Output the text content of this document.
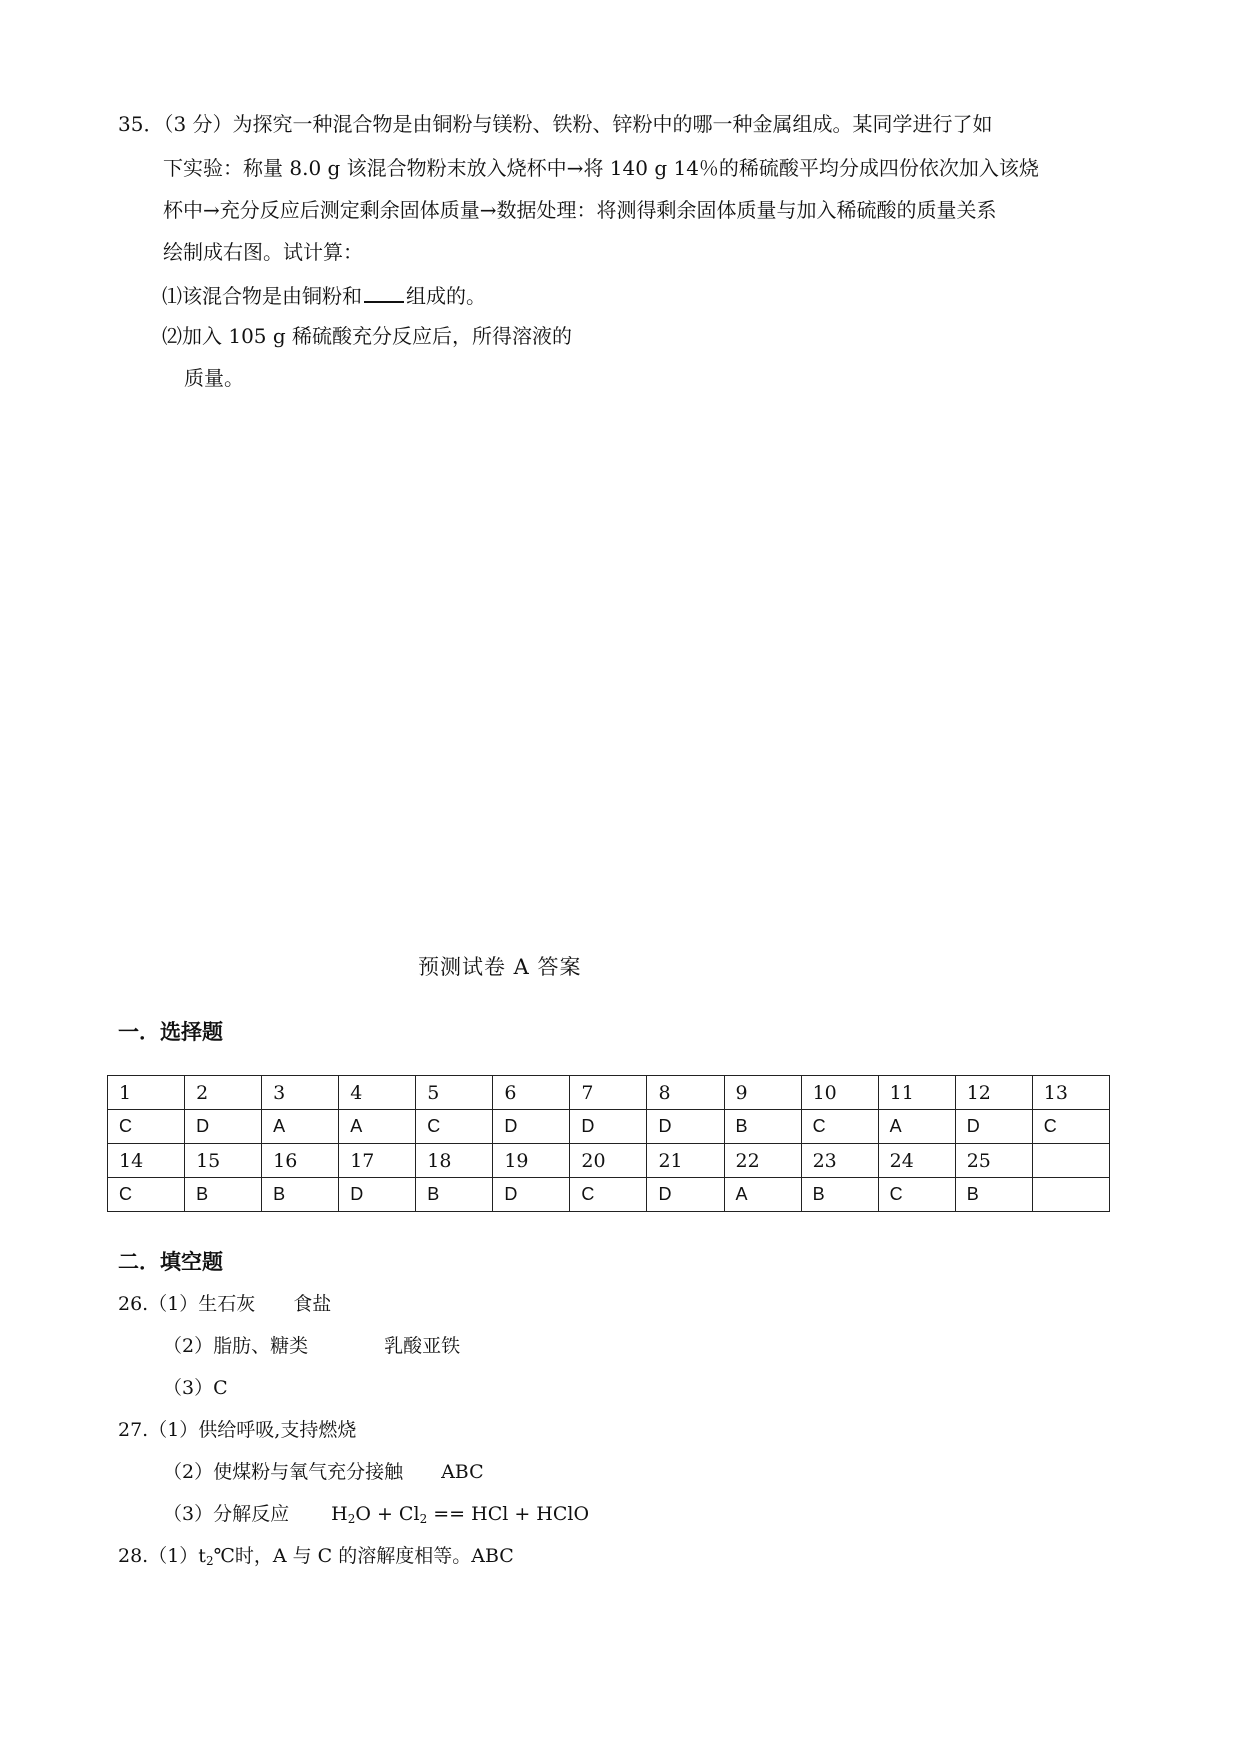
35．（3 分）为探究一种混合物是由铜粉与镁粉、铁粉、锌粉中的哪一种金属组成。某同学进行了如
下实验：称量 8.0 g 该混合物粉末放入烧杯中→将 140 g 14％的稀硫酸平均分成四份依次加入该烧
杯中→充分反应后测定剩余固体质量→数据处理：将测得剩余固体质量与加入稀硫酸的质量关系
绘制成右图。试计算：
⑴该混合物是由铜粉和 组成的。
⑵加入 105 g 稀硫酸充分反应后，所得溶液的
质量。
预测试卷 A 答案
一．选择题
1	2	3	4	5	6	7	8	9	10	11	12	13
C	D	A	A	C	D	D	D	B	C	A	D	C
14	15	16	17	18	19	20	21	22	23	24	25	
C	B	B	D	B	D	C	D	A	B	C	B	
二．填空题
26.（1）生石灰　　食盐
（2）脂肪、糖类　　　　乳酸亚铁
（3）C
27.（1）供给呼吸,支持燃烧
（2）使煤粉与氧气充分接触　　ABC
（3）分解反应 $H_2O + Cl_2$ == HCl + HClO
$28.(1)t_2℃$时，A 与 C 的溶解度相等。ABC
